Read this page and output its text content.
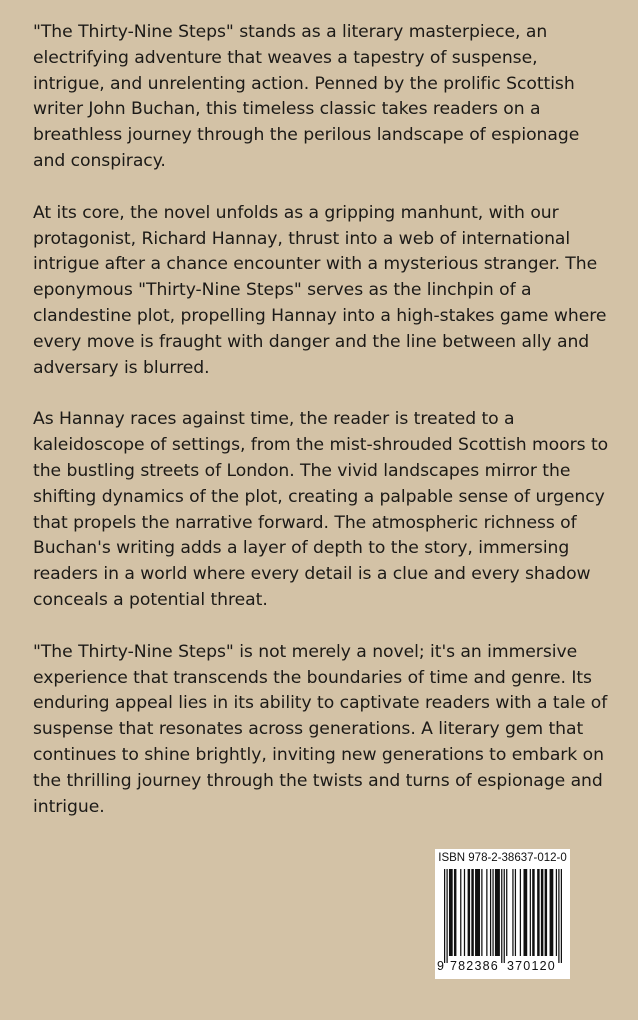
"The Thirty-Nine Steps" stands as a literary masterpiece, an electrifying adventure that weaves a tapestry of suspense, intrigue, and unrelenting action. Penned by the prolific Scottish writer John Buchan, this timeless classic takes readers on a breathless journey through the perilous landscape of espionage and conspiracy.

At its core, the novel unfolds as a gripping manhunt, with our protagonist, Richard Hannay, thrust into a web of international intrigue after a chance encounter with a mysterious stranger. The eponymous "Thirty-Nine Steps" serves as the linchpin of a clandestine plot, propelling Hannay into a high-stakes game where every move is fraught with danger and the line between ally and adversary is blurred.

As Hannay races against time, the reader is treated to a kaleidoscope of settings, from the mist-shrouded Scottish moors to the bustling streets of London. The vivid landscapes mirror the shifting dynamics of the plot, creating a palpable sense of urgency that propels the narrative forward. The atmospheric richness of Buchan's writing adds a layer of depth to the story, immersing readers in a world where every detail is a clue and every shadow conceals a potential threat.

"The Thirty-Nine Steps" is not merely a novel; it's an immersive experience that transcends the boundaries of time and genre. Its enduring appeal lies in its ability to captivate readers with a tale of suspense that resonates across generations. A literary gem that continues to shine brightly, inviting new generations to embark on the thrilling journey through the twists and turns of espionage and intrigue.

ISBN 978-2-38637-012-0
9 782386 370120
